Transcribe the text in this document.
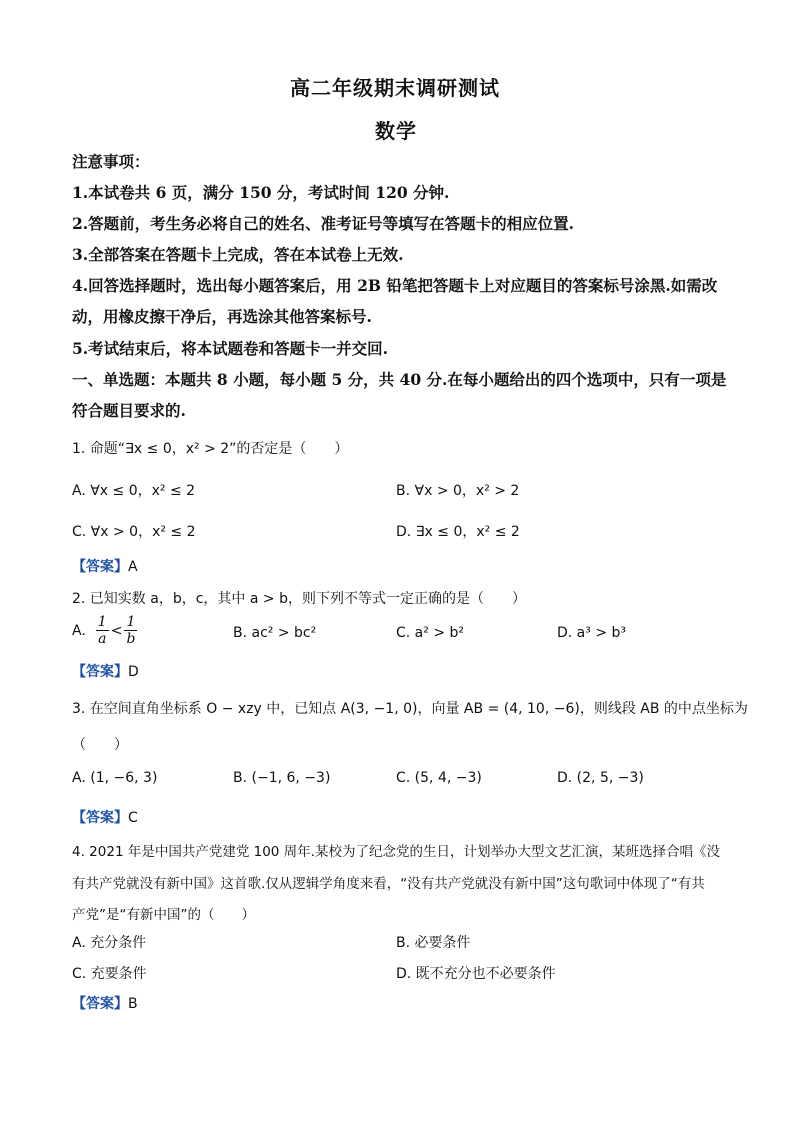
高二年级期末调研测试
数学
注意事项：
1.本试卷共 6 页，满分 150 分，考试时间 120 分钟.
2.答题前，考生务必将自己的姓名、准考证号等填写在答题卡的相应位置.
3.全部答案在答题卡上完成，答在本试卷上无效.
4.回答选择题时，选出每小题答案后，用 2B 铅笔把答题卡上对应题目的答案标号涂黑.如需改
动，用橡皮擦干净后，再选涂其他答案标号.
5.考试结束后，将本试题卷和答题卡一并交回.
一、单选题：本题共 8 小题，每小题 5 分，共 40 分.在每小题给出的四个选项中，只有一项是
符合题目要求的.
1. 命题“∃x ≤ 0，x² > 2”的否定是（　　）
A. ∀x ≤ 0，x² ≤ 2	B. ∀x > 0，x² > 2
C. ∀x > 0，x² ≤ 2	D. ∃x ≤ 0，x² ≤ 2
【答案】A
2. 已知实数 a，b，c，其中 a > b，则下列不等式一定正确的是（　　）
A. $\frac{1}{a} < \frac{1}{b}$	B. ac² > bc²	C. a² > b²	D. a³ > b³
【答案】D
3. 在空间直角坐标系 O − xzy 中，已知点 A(3, −1, 0)，向量 AB = (4, 10, −6)，则线段 AB 的中点坐标为
（　　）
A. (1, −6, 3)	B. (−1, 6, −3)	C. (5, 4, −3)	D. (2, 5, −3)
【答案】C
4. 2021 年是中国共产党建党 100 周年.某校为了纪念党的生日，计划举办大型文艺汇演，某班选择合唱《没
有共产党就没有新中国》这首歌.仅从逻辑学角度来看，“没有共产党就没有新中国”这句歌词中体现了“有共
产党”是“有新中国”的（　　）
A. 充分条件	B. 必要条件
C. 充要条件	D. 既不充分也不必要条件
【答案】B
